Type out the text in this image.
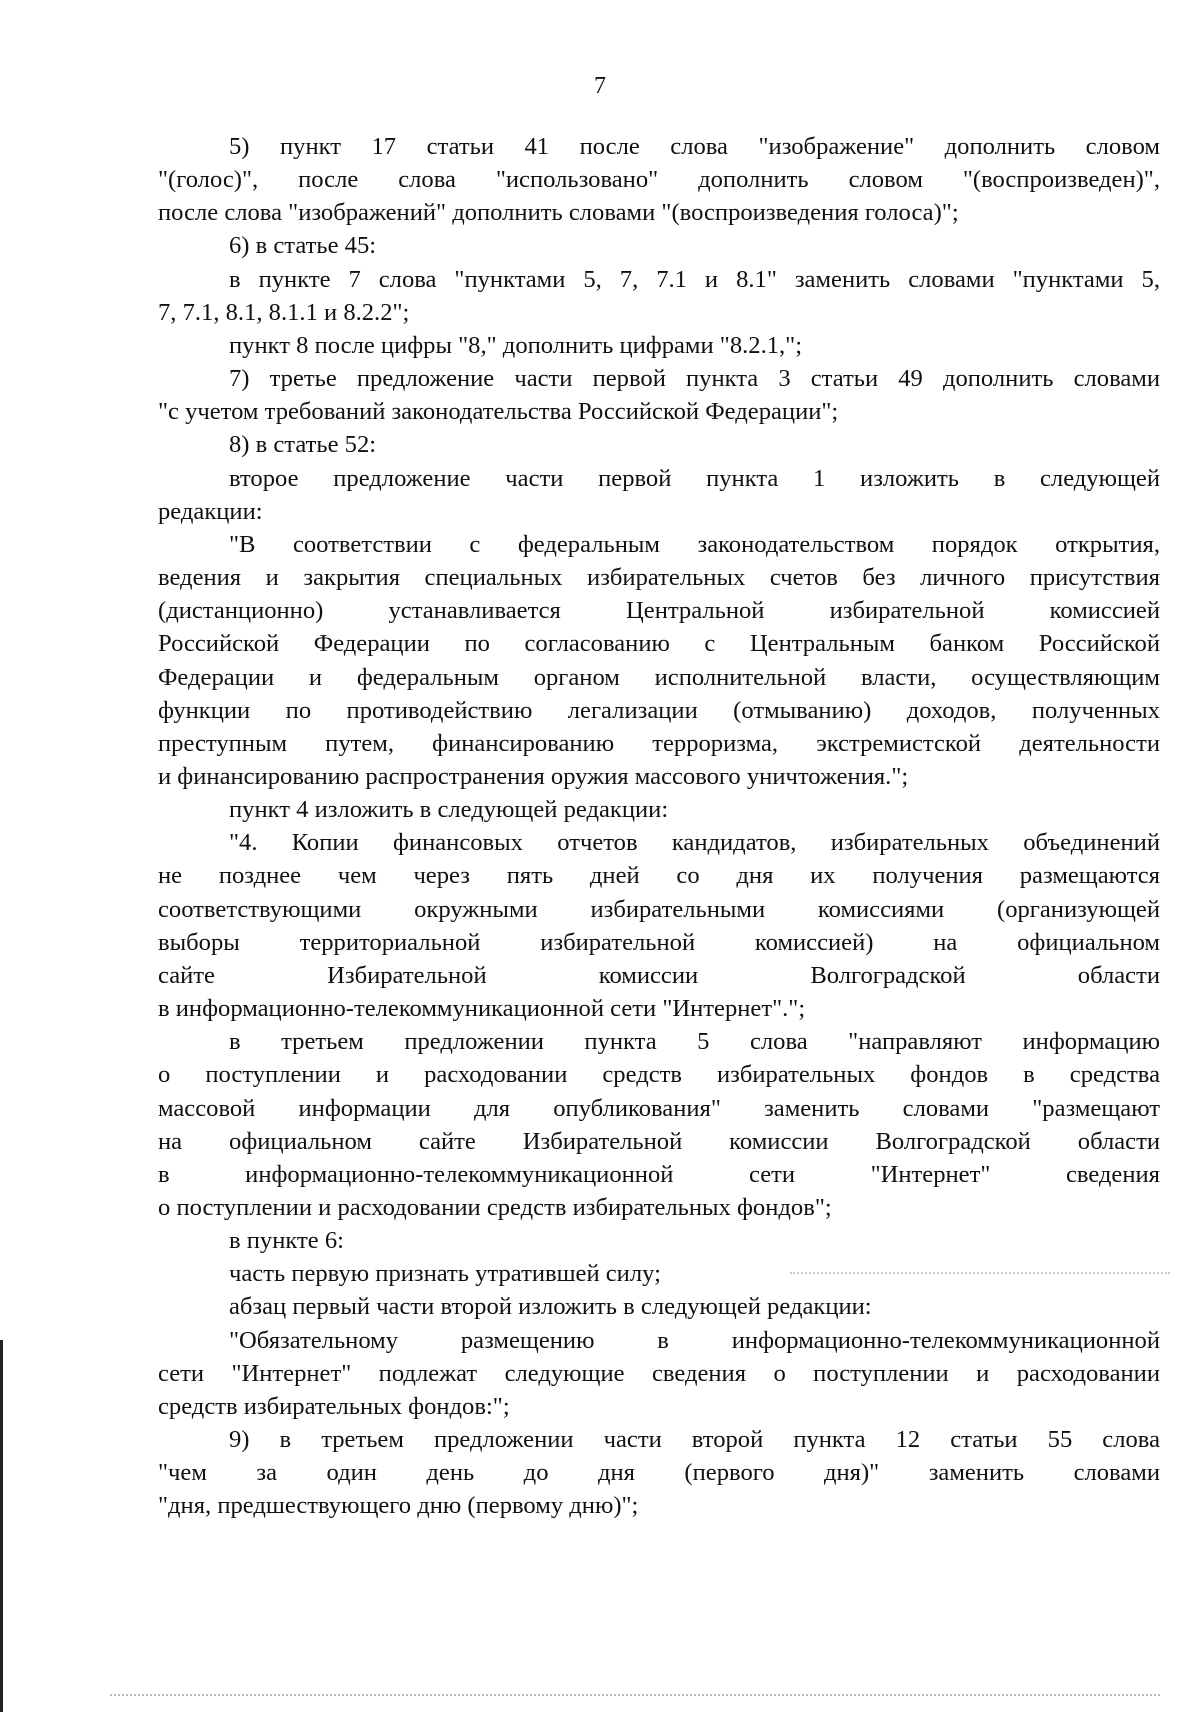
7
5) пункт 17 статьи 41 после слова "изображение" дополнить словом
"(голос)", после слова "использовано" дополнить словом "(воспроизведен)",
после слова "изображений" дополнить словами "(воспроизведения голоса)";
6) в статье 45:
в пункте 7 слова "пунктами 5, 7, 7.1 и 8.1" заменить словами "пунктами 5,
7, 7.1, 8.1, 8.1.1 и 8.2.2";
пункт 8 после цифры "8," дополнить цифрами "8.2.1,";
7) третье предложение части первой пункта 3 статьи 49 дополнить словами
"с учетом требований законодательства Российской Федерации";
8) в статье 52:
второе предложение части первой пункта 1 изложить в следующей
редакции:
"В соответствии с федеральным законодательством порядок открытия,
ведения и закрытия специальных избирательных счетов без личного присутствия
(дистанционно) устанавливается Центральной избирательной комиссией
Российской Федерации по согласованию с Центральным банком Российской
Федерации и федеральным органом исполнительной власти, осуществляющим
функции по противодействию легализации (отмыванию) доходов, полученных
преступным путем, финансированию терроризма, экстремистской деятельности
и финансированию распространения оружия массового уничтожения.";
пункт 4 изложить в следующей редакции:
"4. Копии финансовых отчетов кандидатов, избирательных объединений
не позднее чем через пять дней со дня их получения размещаются
соответствующими окружными избирательными комиссиями (организующей
выборы территориальной избирательной комиссией) на официальном
сайте Избирательной комиссии Волгоградской области
в информационно-телекоммуникационной сети "Интернет".";
в третьем предложении пункта 5 слова "направляют информацию
о поступлении и расходовании средств избирательных фондов в средства
массовой информации для опубликования" заменить словами "размещают
на официальном сайте Избирательной комиссии Волгоградской области
в информационно-телекоммуникационной сети "Интернет" сведения
о поступлении и расходовании средств избирательных фондов";
в пункте 6:
часть первую признать утратившей силу;
абзац первый части второй изложить в следующей редакции:
"Обязательному размещению в информационно-телекоммуникационной
сети "Интернет" подлежат следующие сведения о поступлении и расходовании
средств избирательных фондов:";
9) в третьем предложении части второй пункта 12 статьи 55 слова
"чем за один день до дня (первого дня)" заменить словами
"дня, предшествующего дню (первому дню)";
